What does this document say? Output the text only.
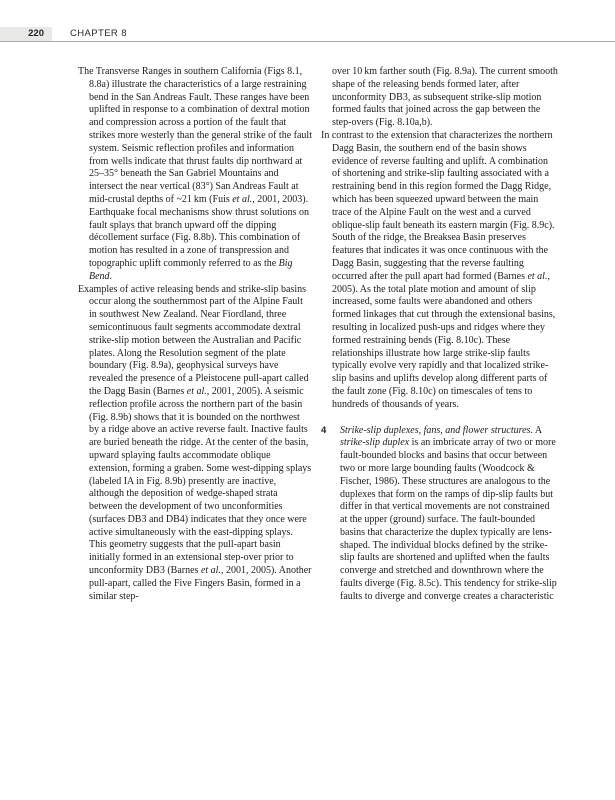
220	CHAPTER 8
The Transverse Ranges in southern California (Figs 8.1, 8.8a) illustrate the characteristics of a large restraining bend in the San Andreas Fault. These ranges have been uplifted in response to a combination of dextral motion and compression across a portion of the fault that strikes more westerly than the general strike of the fault system. Seismic reflection profiles and information from wells indicate that thrust faults dip northward at 25–35° beneath the San Gabriel Mountains and intersect the near vertical (83°) San Andreas Fault at mid-crustal depths of ~21 km (Fuis et al., 2001, 2003). Earthquake focal mechanisms show thrust solutions on fault splays that branch upward off the dipping décollement surface (Fig. 8.8b). This combination of motion has resulted in a zone of transpression and topographic uplift commonly referred to as the Big Bend.
Examples of active releasing bends and strike-slip basins occur along the southernmost part of the Alpine Fault in southwest New Zealand. Near Fiordland, three semicontinuous fault segments accommodate dextral strike-slip motion between the Australian and Pacific plates. Along the Resolution segment of the plate boundary (Fig. 8.9a), geophysical surveys have revealed the presence of a Pleistocene pull-apart called the Dagg Basin (Barnes et al., 2001, 2005). A seismic reflection profile across the northern part of the basin (Fig. 8.9b) shows that it is bounded on the northwest by a ridge above an active reverse fault. Inactive faults are buried beneath the ridge. At the center of the basin, upward splaying faults accommodate oblique extension, forming a graben. Some west-dipping splays (labeled IA in Fig. 8.9b) presently are inactive, although the deposition of wedge-shaped strata between the development of two unconformities (surfaces DB3 and DB4) indicates that they once were active simultaneously with the east-dipping splays. This geometry suggests that the pull-apart basin initially formed in an extensional step-over prior to unconformity DB3 (Barnes et al., 2001, 2005). Another pull-apart, called the Five Fingers Basin, formed in a similar step-
over 10 km farther south (Fig. 8.9a). The current smooth shape of the releasing bends formed later, after unconformity DB3, as subsequent strike-slip motion formed faults that joined across the gap between the step-overs (Fig. 8.10a,b).
In contrast to the extension that characterizes the northern Dagg Basin, the southern end of the basin shows evidence of reverse faulting and uplift. A combination of shortening and strike-slip faulting associated with a restraining bend in this region formed the Dagg Ridge, which has been squeezed upward between the main trace of the Alpine Fault on the west and a curved oblique-slip fault beneath its eastern margin (Fig. 8.9c). South of the ridge, the Breaksea Basin preserves features that indicates it was once continuous with the Dagg Basin, suggesting that the reverse faulting occurred after the pull apart had formed (Barnes et al., 2005). As the total plate motion and amount of slip increased, some faults were abandoned and others formed linkages that cut through the extensional basins, resulting in localized push-ups and ridges where they formed restraining bends (Fig. 8.10c). These relationships illustrate how large strike-slip faults typically evolve very rapidly and that localized strike-slip basins and uplifts develop along different parts of the fault zone (Fig. 8.10c) on timescales of tens to hundreds of thousands of years.
4 Strike-slip duplexes, fans, and flower structures. A strike-slip duplex is an imbricate array of two or more fault-bounded blocks and basins that occur between two or more large bounding faults (Woodcock & Fischer, 1986). These structures are analogous to the duplexes that form on the ramps of dip-slip faults but differ in that vertical movements are not constrained at the upper (ground) surface. The fault-bounded basins that characterize the duplex typically are lens-shaped. The individual blocks defined by the strike-slip faults are shortened and uplifted when the faults converge and stretched and downthrown where the faults diverge (Fig. 8.5c). This tendency for strike-slip faults to diverge and converge creates a characteristic
